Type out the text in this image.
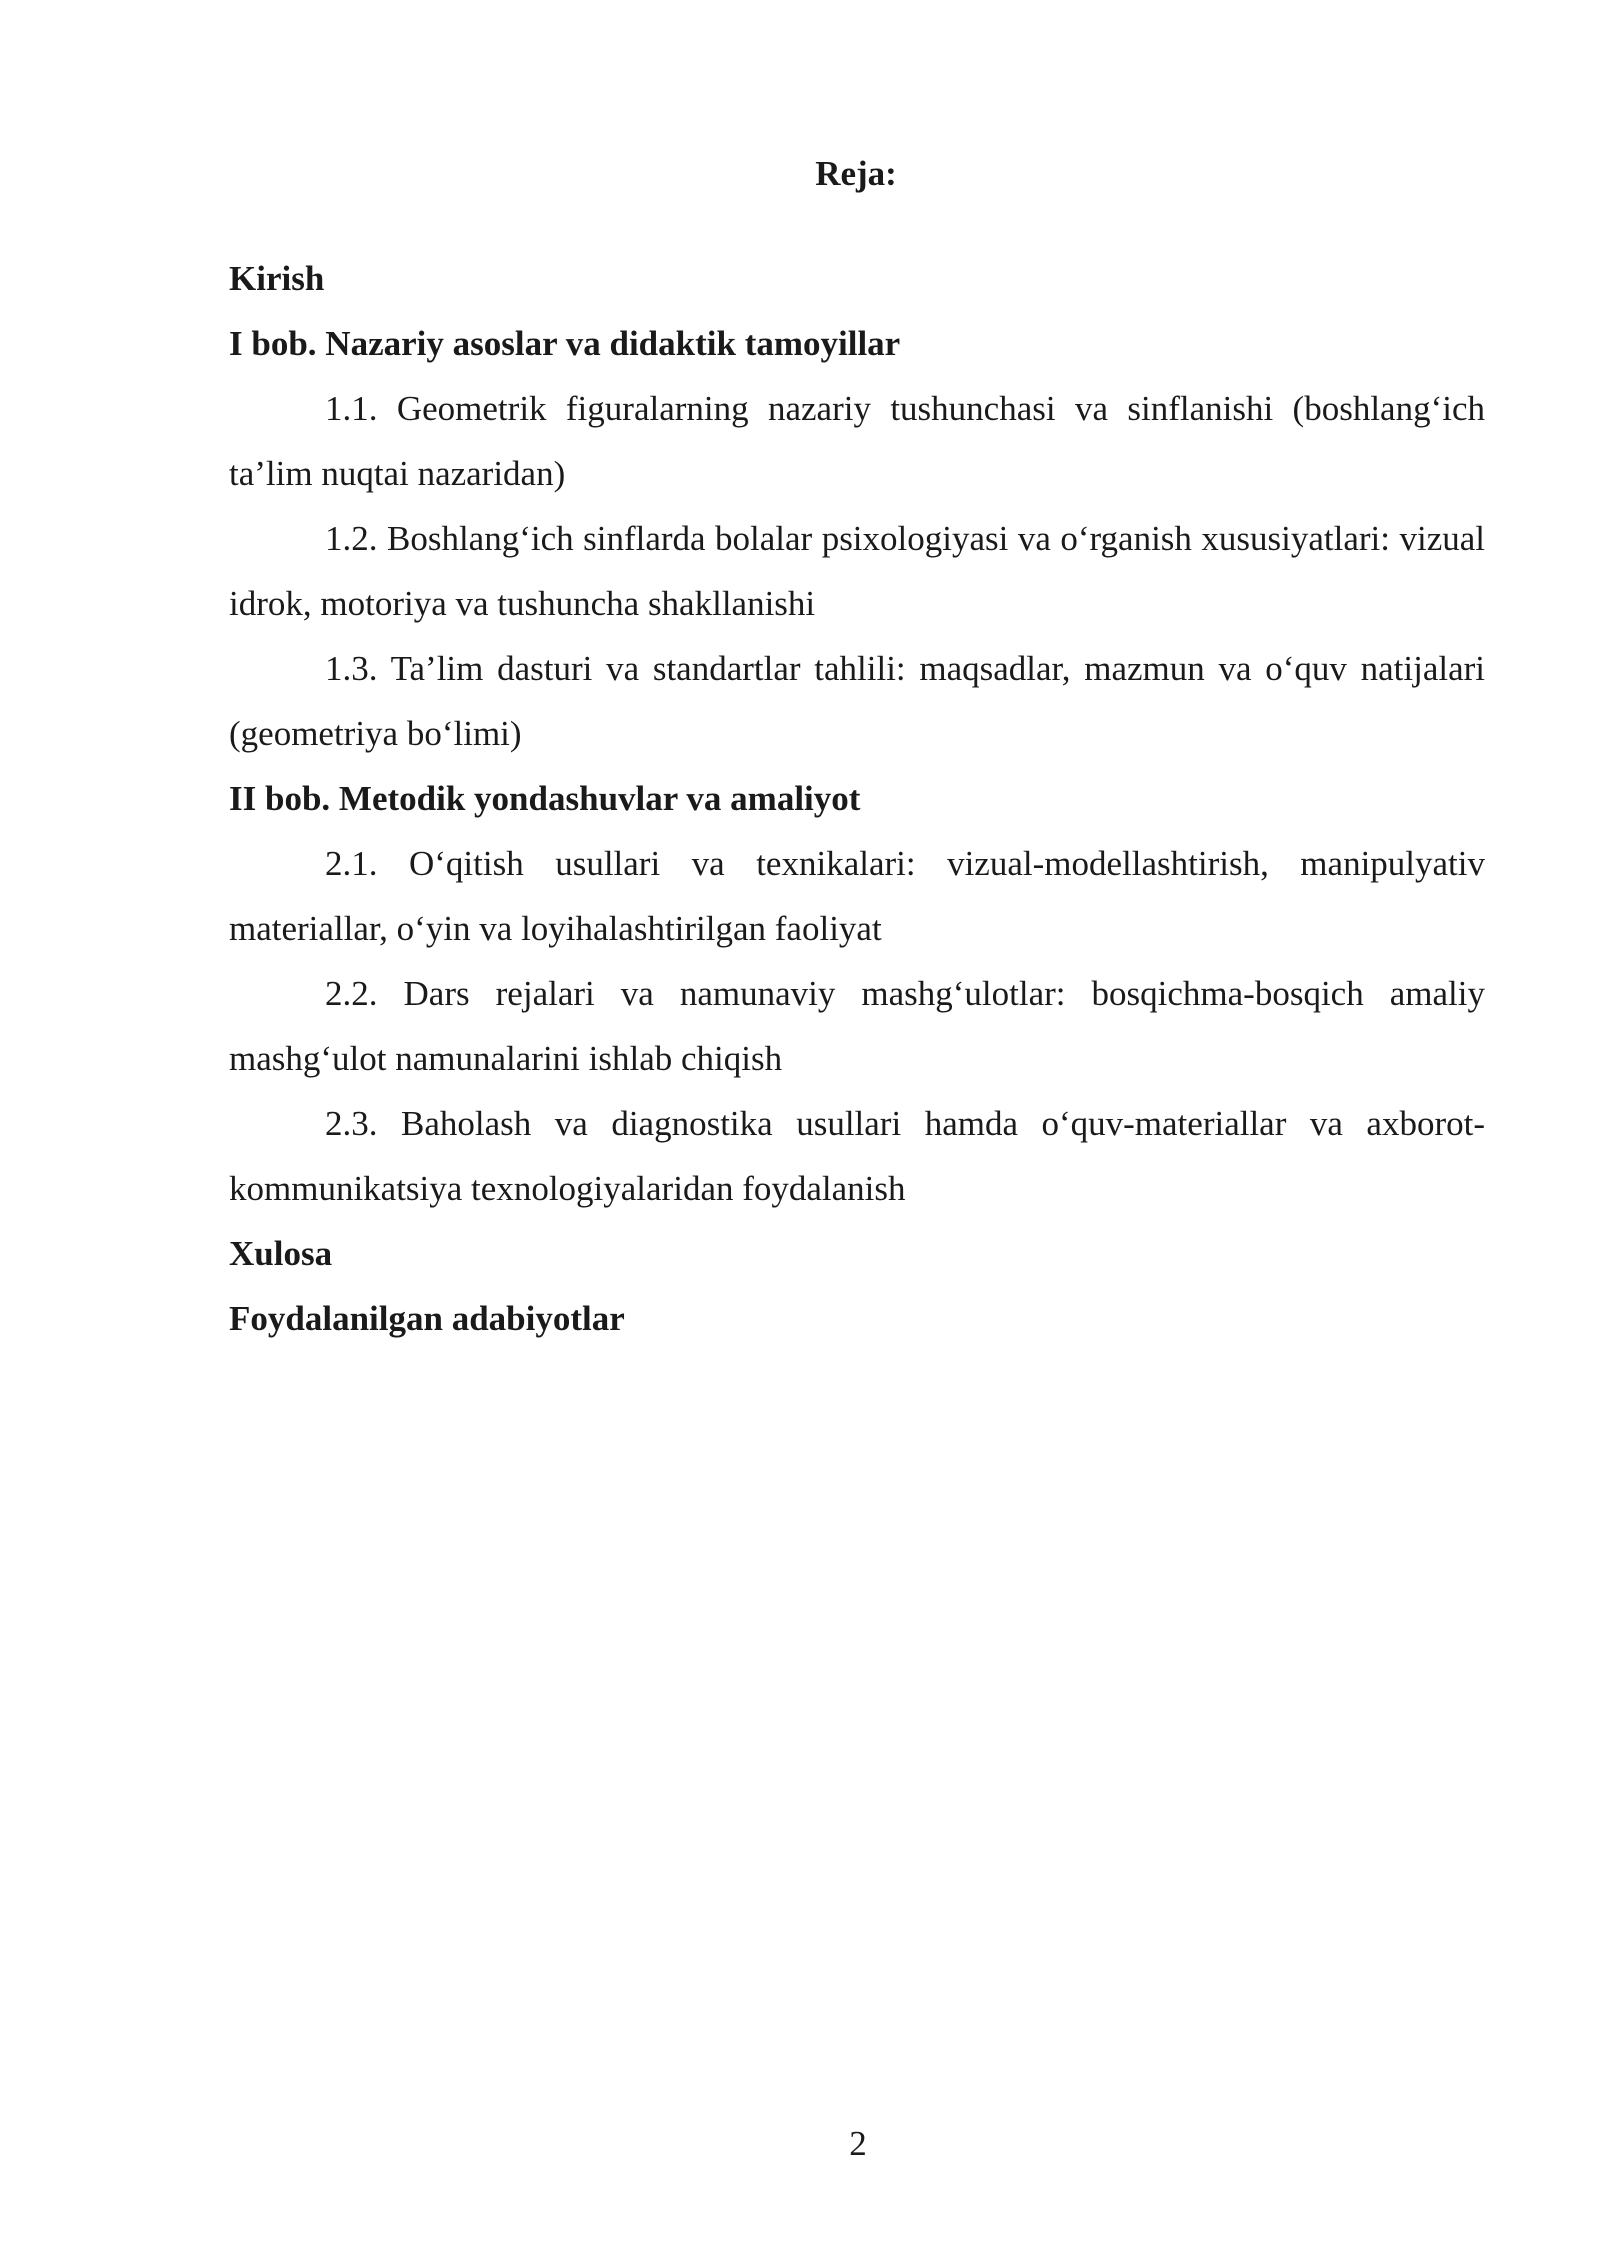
Reja:

Kirish

I bob. Nazariy asoslar va didaktik tamoyillar

1.1. Geometrik figuralarning nazariy tushunchasi va sinflanishi (boshlang‘ich ta’lim nuqtai nazaridan)

1.2. Boshlang‘ich sinflarda bolalar psixologiyasi va o‘rganish xususiyatlari: vizual idrok, motoriya va tushuncha shakllanishi

1.3. Ta’lim dasturi va standartlar tahlili: maqsadlar, mazmun va o‘quv natijalari (geometriya bo‘limi)

II bob. Metodik yondashuvlar va amaliyot

2.1. O‘qitish usullari va texnikalari: vizual-modellashtirish, manipulyativ materiallar, o‘yin va loyihalashtirilgan faoliyat

2.2. Dars rejalari va namunaviy mashg‘ulotlar: bosqichma-bosqich amaliy mashg‘ulot namunalarini ishlab chiqish

2.3. Baholash va diagnostika usullari hamda o‘quv-materiallar va axborot-kommunikatsiya texnologiyalaridan foydalanish

Xulosa

Foydalanilgan adabiyotlar

2
